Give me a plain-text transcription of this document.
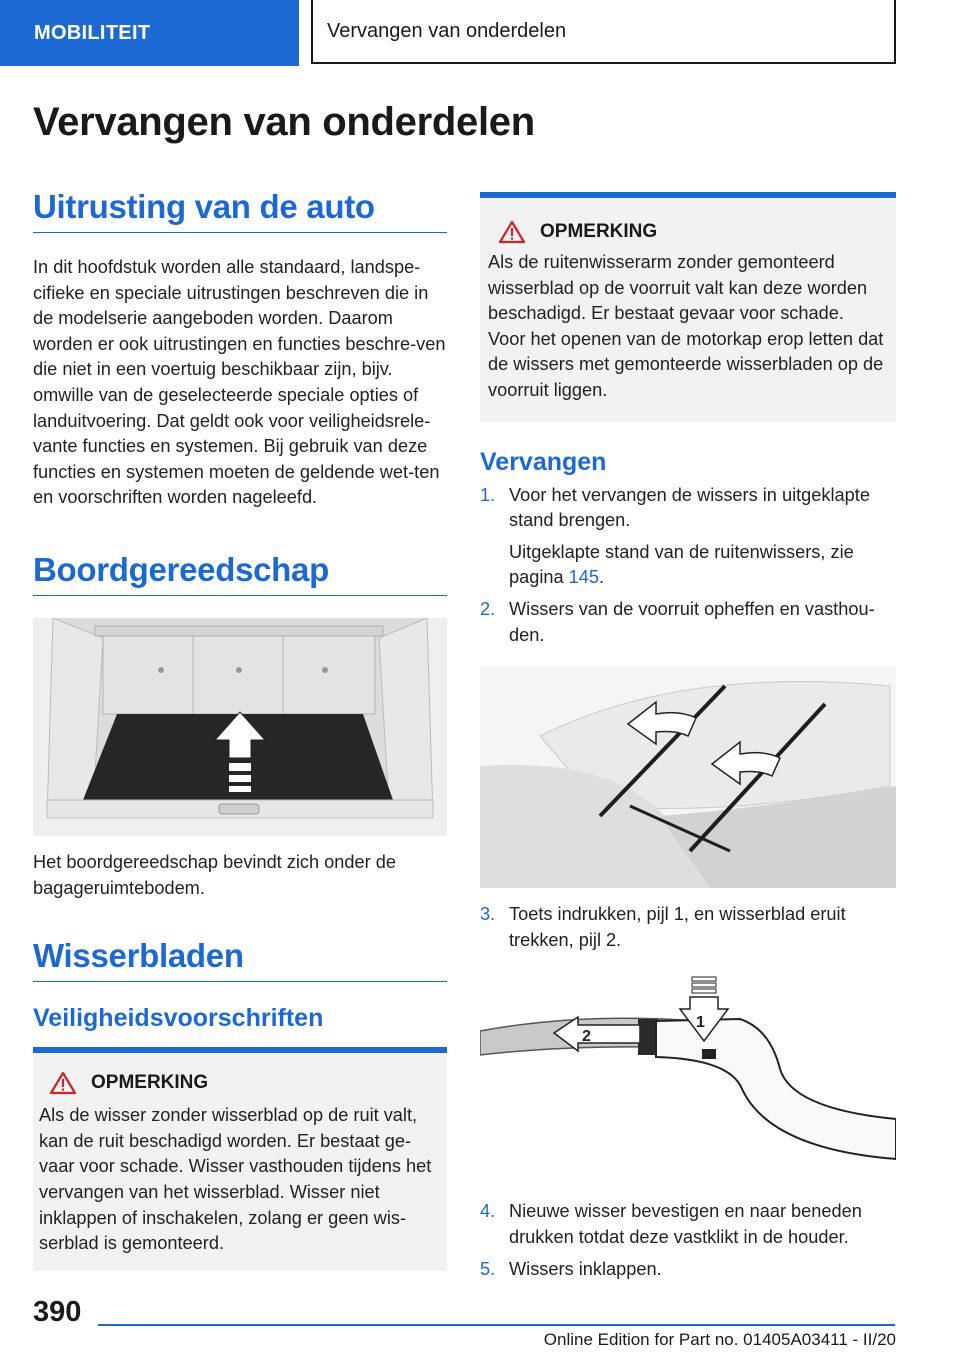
MOBILITEIT	Vervangen van onderdelen
Vervangen van onderdelen
Uitrusting van de auto

In dit hoofdstuk worden alle standaard, landspe-cifieke en speciale uitrustingen beschreven die in de modelserie aangeboden worden. Daarom worden er ook uitrustingen en functies beschre-ven die niet in een voertuig beschikbaar zijn, bijv. omwille van de geselecteerde speciale opties of landuitvoering. Dat geldt ook voor veiligheidsrele-vante functies en systemen. Bij gebruik van deze functies en systemen moeten de geldende wet-ten en voorschriften worden nageleefd.

Boordgereedschap

Het boordgereedschap bevindt zich onder de bagageruimtebodem.

Wisserbladen
Veiligheidsvoorschriften
OPMERKING

Als de wisser zonder wisserblad op de ruit valt, kan de ruit beschadigd worden. Er bestaat ge-vaar voor schade. Wisser vasthouden tijdens het vervangen van het wisserblad. Wisser niet inklappen of inschakelen, zolang er geen wis-serblad is gemonteerd.

OPMERKING

Als de ruitenwisserarm zonder gemonteerd wisserblad op de voorruit valt kan deze worden beschadigd. Er bestaat gevaar voor schade. Voor het openen van de motorkap erop letten dat de wissers met gemonteerde wisserbladen op de voorruit liggen.

Vervangen
1. Voor het vervangen de wissers in uitgeklapte stand brengen.
Uitgeklapte stand van de ruitenwissers, zie pagina 145.
2. Wissers van de voorruit opheffen en vasthou-den.
3. Toets indrukken, pijl 1, en wisserblad eruit trekken, pijl 2.
2
1
4. Nieuwe wisser bevestigen en naar beneden drukken totdat deze vastklikt in de houder.
5. Wissers inklappen.
390
Online Edition for Part no. 01405A03411 - II/20
